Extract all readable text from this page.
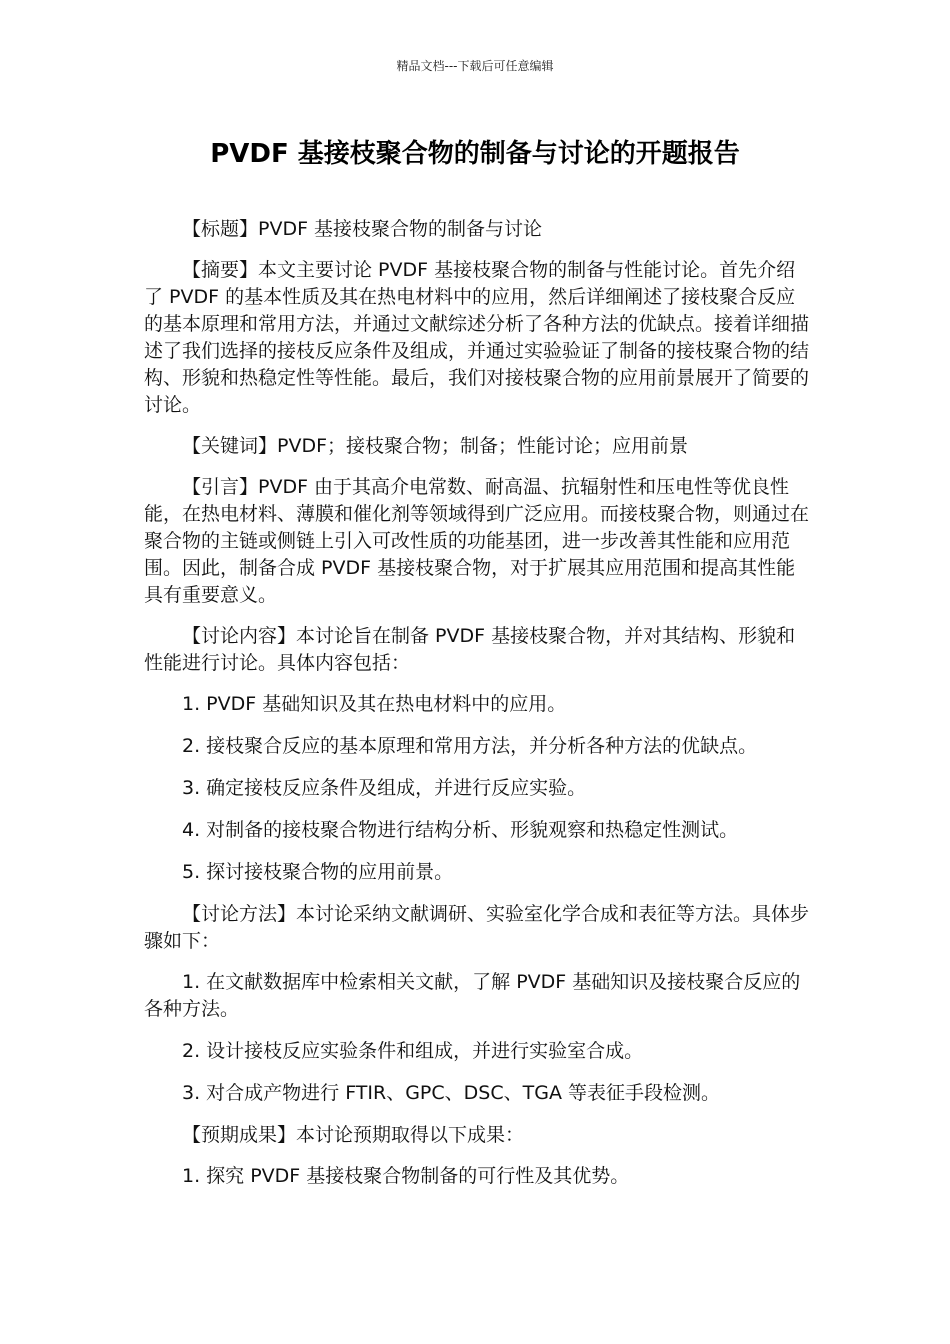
精品文档---下载后可任意编辑
PVDF 基接枝聚合物的制备与讨论的开题报告

【标题】PVDF 基接枝聚合物的制备与讨论

【摘要】本文主要讨论 PVDF 基接枝聚合物的制备与性能讨论。首先介绍了 PVDF 的基本性质及其在热电材料中的应用，然后详细阐述了接枝聚合反应的基本原理和常用方法，并通过文献综述分析了各种方法的优缺点。接着详细描述了我们选择的接枝反应条件及组成，并通过实验验证了制备的接枝聚合物的结构、形貌和热稳定性等性能。最后，我们对接枝聚合物的应用前景展开了简要的讨论。

【关键词】PVDF；接枝聚合物；制备；性能讨论；应用前景

【引言】PVDF 由于其高介电常数、耐高温、抗辐射性和压电性等优良性能，在热电材料、薄膜和催化剂等领域得到广泛应用。而接枝聚合物，则通过在聚合物的主链或侧链上引入可改性质的功能基团，进一步改善其性能和应用范围。因此，制备合成 PVDF 基接枝聚合物，对于扩展其应用范围和提高其性能具有重要意义。

【讨论内容】本讨论旨在制备 PVDF 基接枝聚合物，并对其结构、形貌和性能进行讨论。具体内容包括：

1. PVDF 基础知识及其在热电材料中的应用。

2. 接枝聚合反应的基本原理和常用方法，并分析各种方法的优缺点。

3. 确定接枝反应条件及组成，并进行反应实验。

4. 对制备的接枝聚合物进行结构分析、形貌观察和热稳定性测试。

5. 探讨接枝聚合物的应用前景。

【讨论方法】本讨论采纳文献调研、实验室化学合成和表征等方法。具体步骤如下：

1. 在文献数据库中检索相关文献，了解 PVDF 基础知识及接枝聚合反应的各种方法。

2. 设计接枝反应实验条件和组成，并进行实验室合成。

3. 对合成产物进行 FTIR、GPC、DSC、TGA 等表征手段检测。

【预期成果】本讨论预期取得以下成果：

1. 探究 PVDF 基接枝聚合物制备的可行性及其优势。
